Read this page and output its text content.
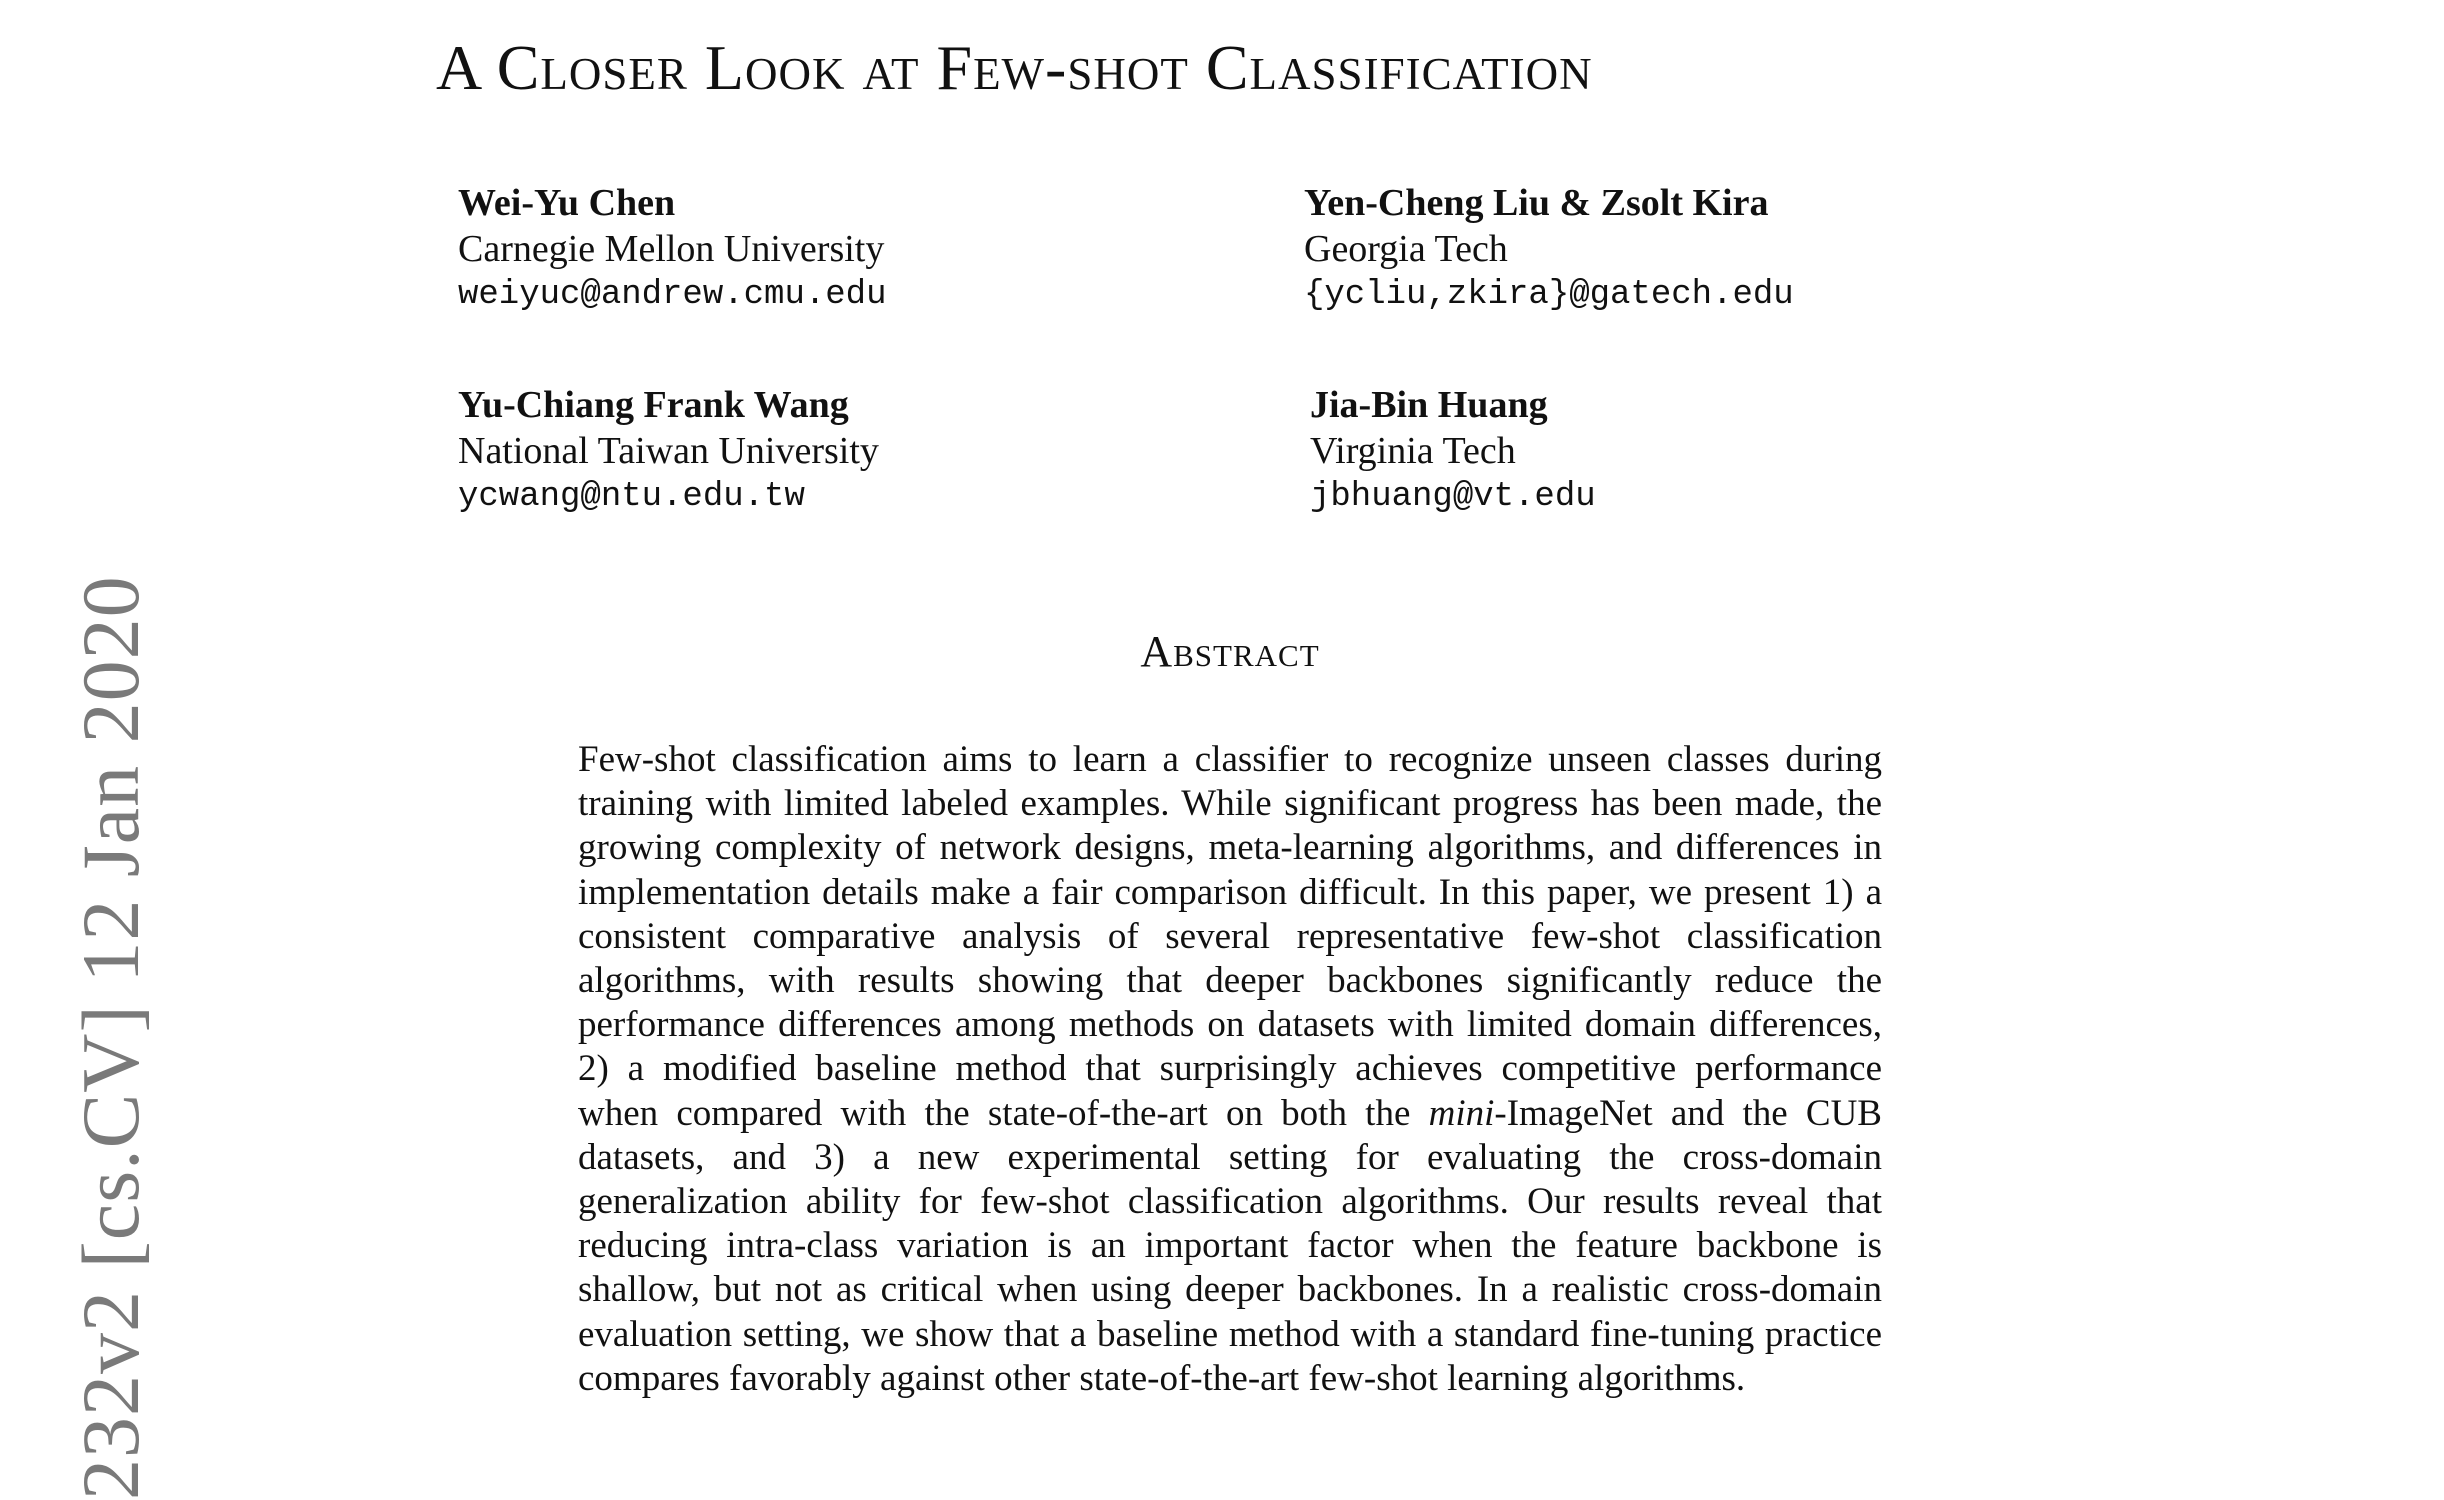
A Closer Look at Few-shot Classification
Wei-Yu Chen
Carnegie Mellon University
weiyuc@andrew.cmu.edu
Yen-Cheng Liu & Zsolt Kira
Georgia Tech
{ycliu,zkira}@gatech.edu
Yu-Chiang Frank Wang
National Taiwan University
ycwang@ntu.edu.tw
Jia-Bin Huang
Virginia Tech
jbhuang@vt.edu
Abstract
Few-shot classification aims to learn a classifier to recognize unseen classes during training with limited labeled examples. While significant progress has been made, the growing complexity of network designs, meta-learning algorithms, and differences in implementation details make a fair comparison difficult. In this paper, we present 1) a consistent comparative analysis of several representative few-shot classification algorithms, with results showing that deeper backbones significantly reduce the performance differences among methods on datasets with limited domain differences, 2) a modified baseline method that surprisingly achieves competitive performance when compared with the state-of-the-art on both the mini-ImageNet and the CUB datasets, and 3) a new experimental setting for evaluating the cross-domain generalization ability for few-shot classification algorithms. Our results reveal that reducing intra-class variation is an important factor when the feature backbone is shallow, but not as critical when using deeper backbones. In a realistic cross-domain evaluation setting, we show that a baseline method with a standard fine-tuning practice compares favorably against other state-of-the-art few-shot learning algorithms.
232v2 [cs.CV] 12 Jan 2020
